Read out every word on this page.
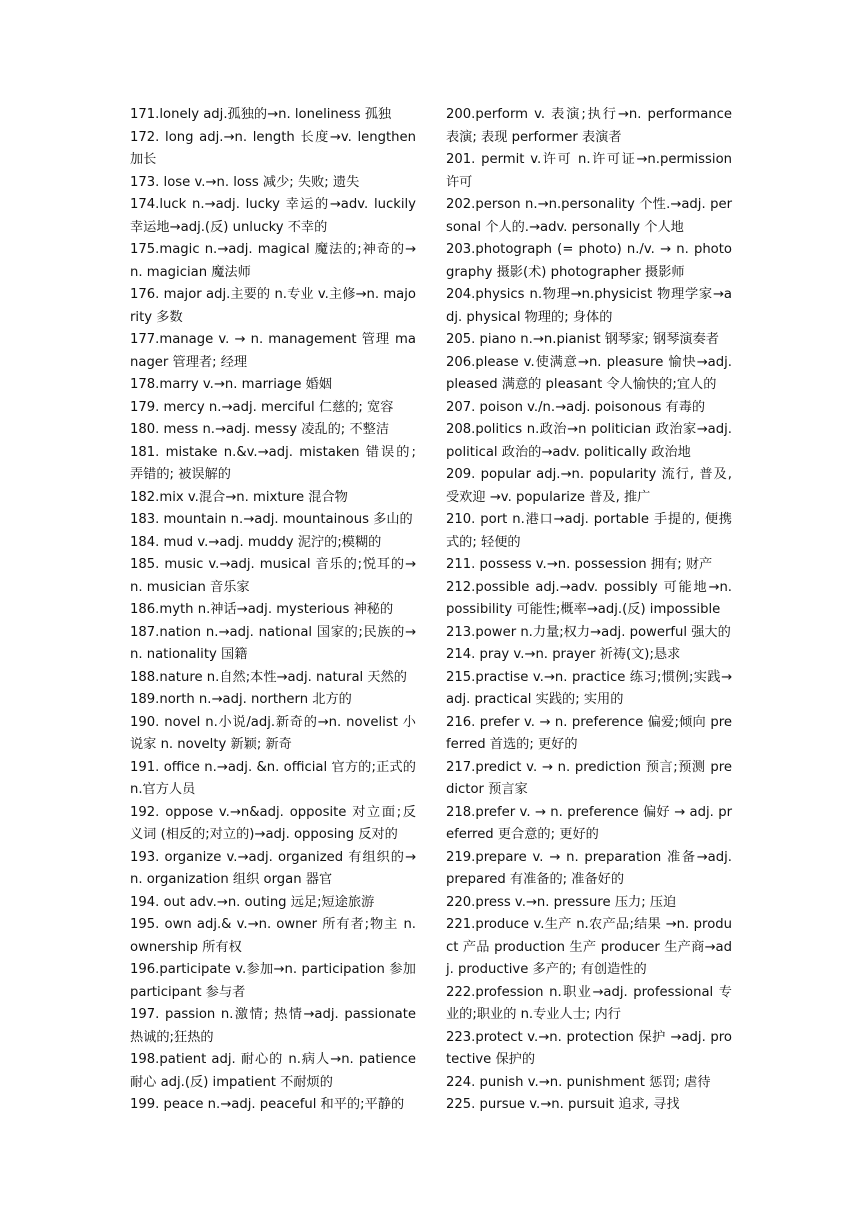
171.lonely adj.孤独的→n. loneliness 孤独
172. long adj.→n. length 长度→v. lengthen 加长
173. lose v.→n. loss 减少; 失败; 遗失
174.luck n.→adj. lucky 幸运的→adv. luckily 幸运地→adj.(反) unlucky 不幸的
175.magic n.→adj. magical 魔法的;神奇的→n. magician 魔法师
176. major adj.主要的 n.专业 v.主修→n. majority 多数
177.manage v. → n. management 管理 manager 管理者; 经理
178.marry v.→n. marriage 婚姻
179. mercy n.→adj. merciful 仁慈的; 宽容
180. mess n.→adj. messy 凌乱的; 不整洁
181. mistake n.&v.→adj. mistaken 错误的; 弄错的; 被误解的
182.mix v.混合→n. mixture 混合物
183. mountain n.→adj. mountainous 多山的
184. mud v.→adj. muddy 泥泞的;模糊的
185. music v.→adj. musical 音乐的;悦耳的→n. musician 音乐家
186.myth n.神话→adj. mysterious 神秘的
187.nation n.→adj. national 国家的;民族的→n. nationality 国籍
188.nature n.自然;本性→adj. natural 天然的
189.north n.→adj. northern 北方的
190. novel n.小说/adj.新奇的→n. novelist 小说家 n. novelty 新颖; 新奇
191. office n.→adj. &n. official 官方的;正式的 n.官方人员
192. oppose v.→n&adj. opposite 对立面;反义词 (相反的;对立的)→adj. opposing 反对的
193. organize v.→adj. organized 有组织的→n. organization 组织 organ 器官
194. out adv.→n. outing 远足;短途旅游
195. own adj.& v.→n. owner 所有者;物主 n. ownership 所有权
196.participate v.参加→n. participation 参加 participant 参与者
197. passion n.激情; 热情→adj. passionate 热诚的;狂热的
198.patient adj. 耐心的 n.病人→n. patience 耐心 adj.(反) impatient 不耐烦的
199. peace n.→adj. peaceful 和平的;平静的
200.perform v. 表演;执行→n. performance 表演; 表现 performer 表演者
201. permit v.许可 n.许可证→n.permission 许可
202.person n.→n.personality 个性.→adj. personal 个人的.→adv. personally 个人地
203.photograph (= photo) n./v. → n. photography 摄影(术) photographer 摄影师
204.physics n.物理→n.physicist 物理学家→adj. physical 物理的; 身体的
205. piano n.→n.pianist 钢琴家; 钢琴演奏者
206.please v.使满意→n. pleasure 愉快→adj. pleased 满意的 pleasant 令人愉快的;宜人的
207. poison v./n.→adj. poisonous 有毒的
208.politics n.政治→n politician 政治家→adj. political 政治的→adv. politically 政治地
209. popular adj.→n. popularity 流行, 普及, 受欢迎 →v. popularize 普及, 推广
210. port n.港口→adj. portable 手提的, 便携式的; 轻便的
211. possess v.→n. possession 拥有; 财产
212.possible adj.→adv. possibly 可能地→n. possibility 可能性;概率→adj.(反) impossible
213.power n.力量;权力→adj. powerful 强大的
214. pray v.→n. prayer 祈祷(文);恳求
215.practise v.→n. practice 练习;惯例;实践→adj. practical 实践的; 实用的
216. prefer v. → n. preference 偏爱;倾向 preferred 首选的; 更好的
217.predict v. → n. prediction 预言;预测 predictor 预言家
218.prefer v. → n. preference 偏好 → adj. preferred 更合意的; 更好的
219.prepare v. → n. preparation 准备→adj. prepared 有准备的; 准备好的
220.press v.→n. pressure 压力; 压迫
221.produce v.生产 n.农产品;结果 →n. product 产品 production 生产 producer 生产商→adj. productive 多产的; 有创造性的
222.profession n.职业→adj. professional 专业的;职业的 n.专业人士; 内行
223.protect v.→n. protection 保护 →adj. protective 保护的
224. punish v.→n. punishment 惩罚; 虐待
225. pursue v.→n. pursuit 追求, 寻找
